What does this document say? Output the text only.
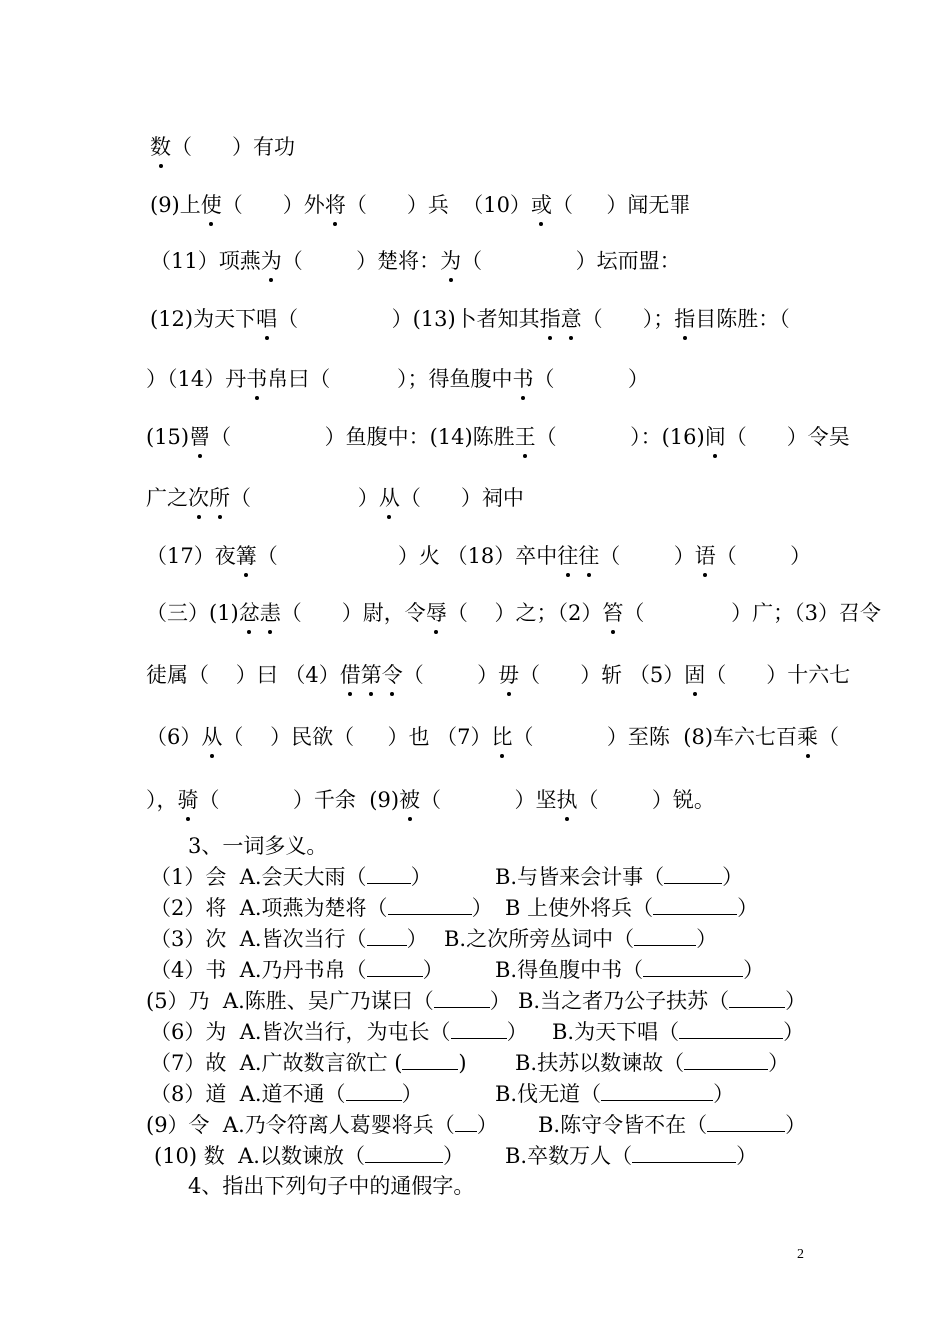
数（      ）有功
(9)上使（      ）外将（      ）兵  （10）或（     ）闻无罪
（11）项燕为（        ）楚将：为（              ）坛而盟：
(12)为天下唱（              ）(13)卜者知其指意（      ）；指目陈胜：（
）（14）丹书帛曰（          ）；得鱼腹中书（           ）
(15)罾（              ）鱼腹中：(14)陈胜王（           ）：(16)间（      ）令吴
广之次所（                ）从（      ）祠中
（17）夜篝（                  ）火 （18）卒中往往（        ）语（        ）
（三）(1)忿恚（      ）尉，令辱（    ）之；（2）笞（             ）广；（3）召令
徒属（    ）曰 （4）借第令（        ）毋（      ）斩 （5）固（      ）十六七
（6）从（    ）民欲（     ）也 （7）比（           ）至陈  (8)车六七百乘（
），骑（           ）千余  (9)被（           ）坚执（        ）锐。
3、一词多义。
（1）会  A.会天大雨（ ）	B.与皆来会计事（	）
（2）将  A.项燕为楚将（	） B 上使外将兵（	）
（3）次  A.皆次当行（ ） B.之次所旁丛词中（	）
（4）书  A.乃丹书帛（	） B.得鱼腹中书（	）
(5）乃  A.陈胜、吴广乃谋曰（	） B.当之者乃公子扶苏（	）
（6）为  A.皆次当行，为屯长（	） B.为天下唱（	）
（7）故  A.广故数言欲亡 (	) B.扶苏以数谏故（	）
（8）道  A.道不通（	）	B.伐无道（	）
(9）令  A.乃令符离人葛婴将兵（ ） B.陈守令皆不在（	）
(10) 数  A.以数谏放（	） B.卒数万人（	）
4、指出下列句子中的通假字。
2
